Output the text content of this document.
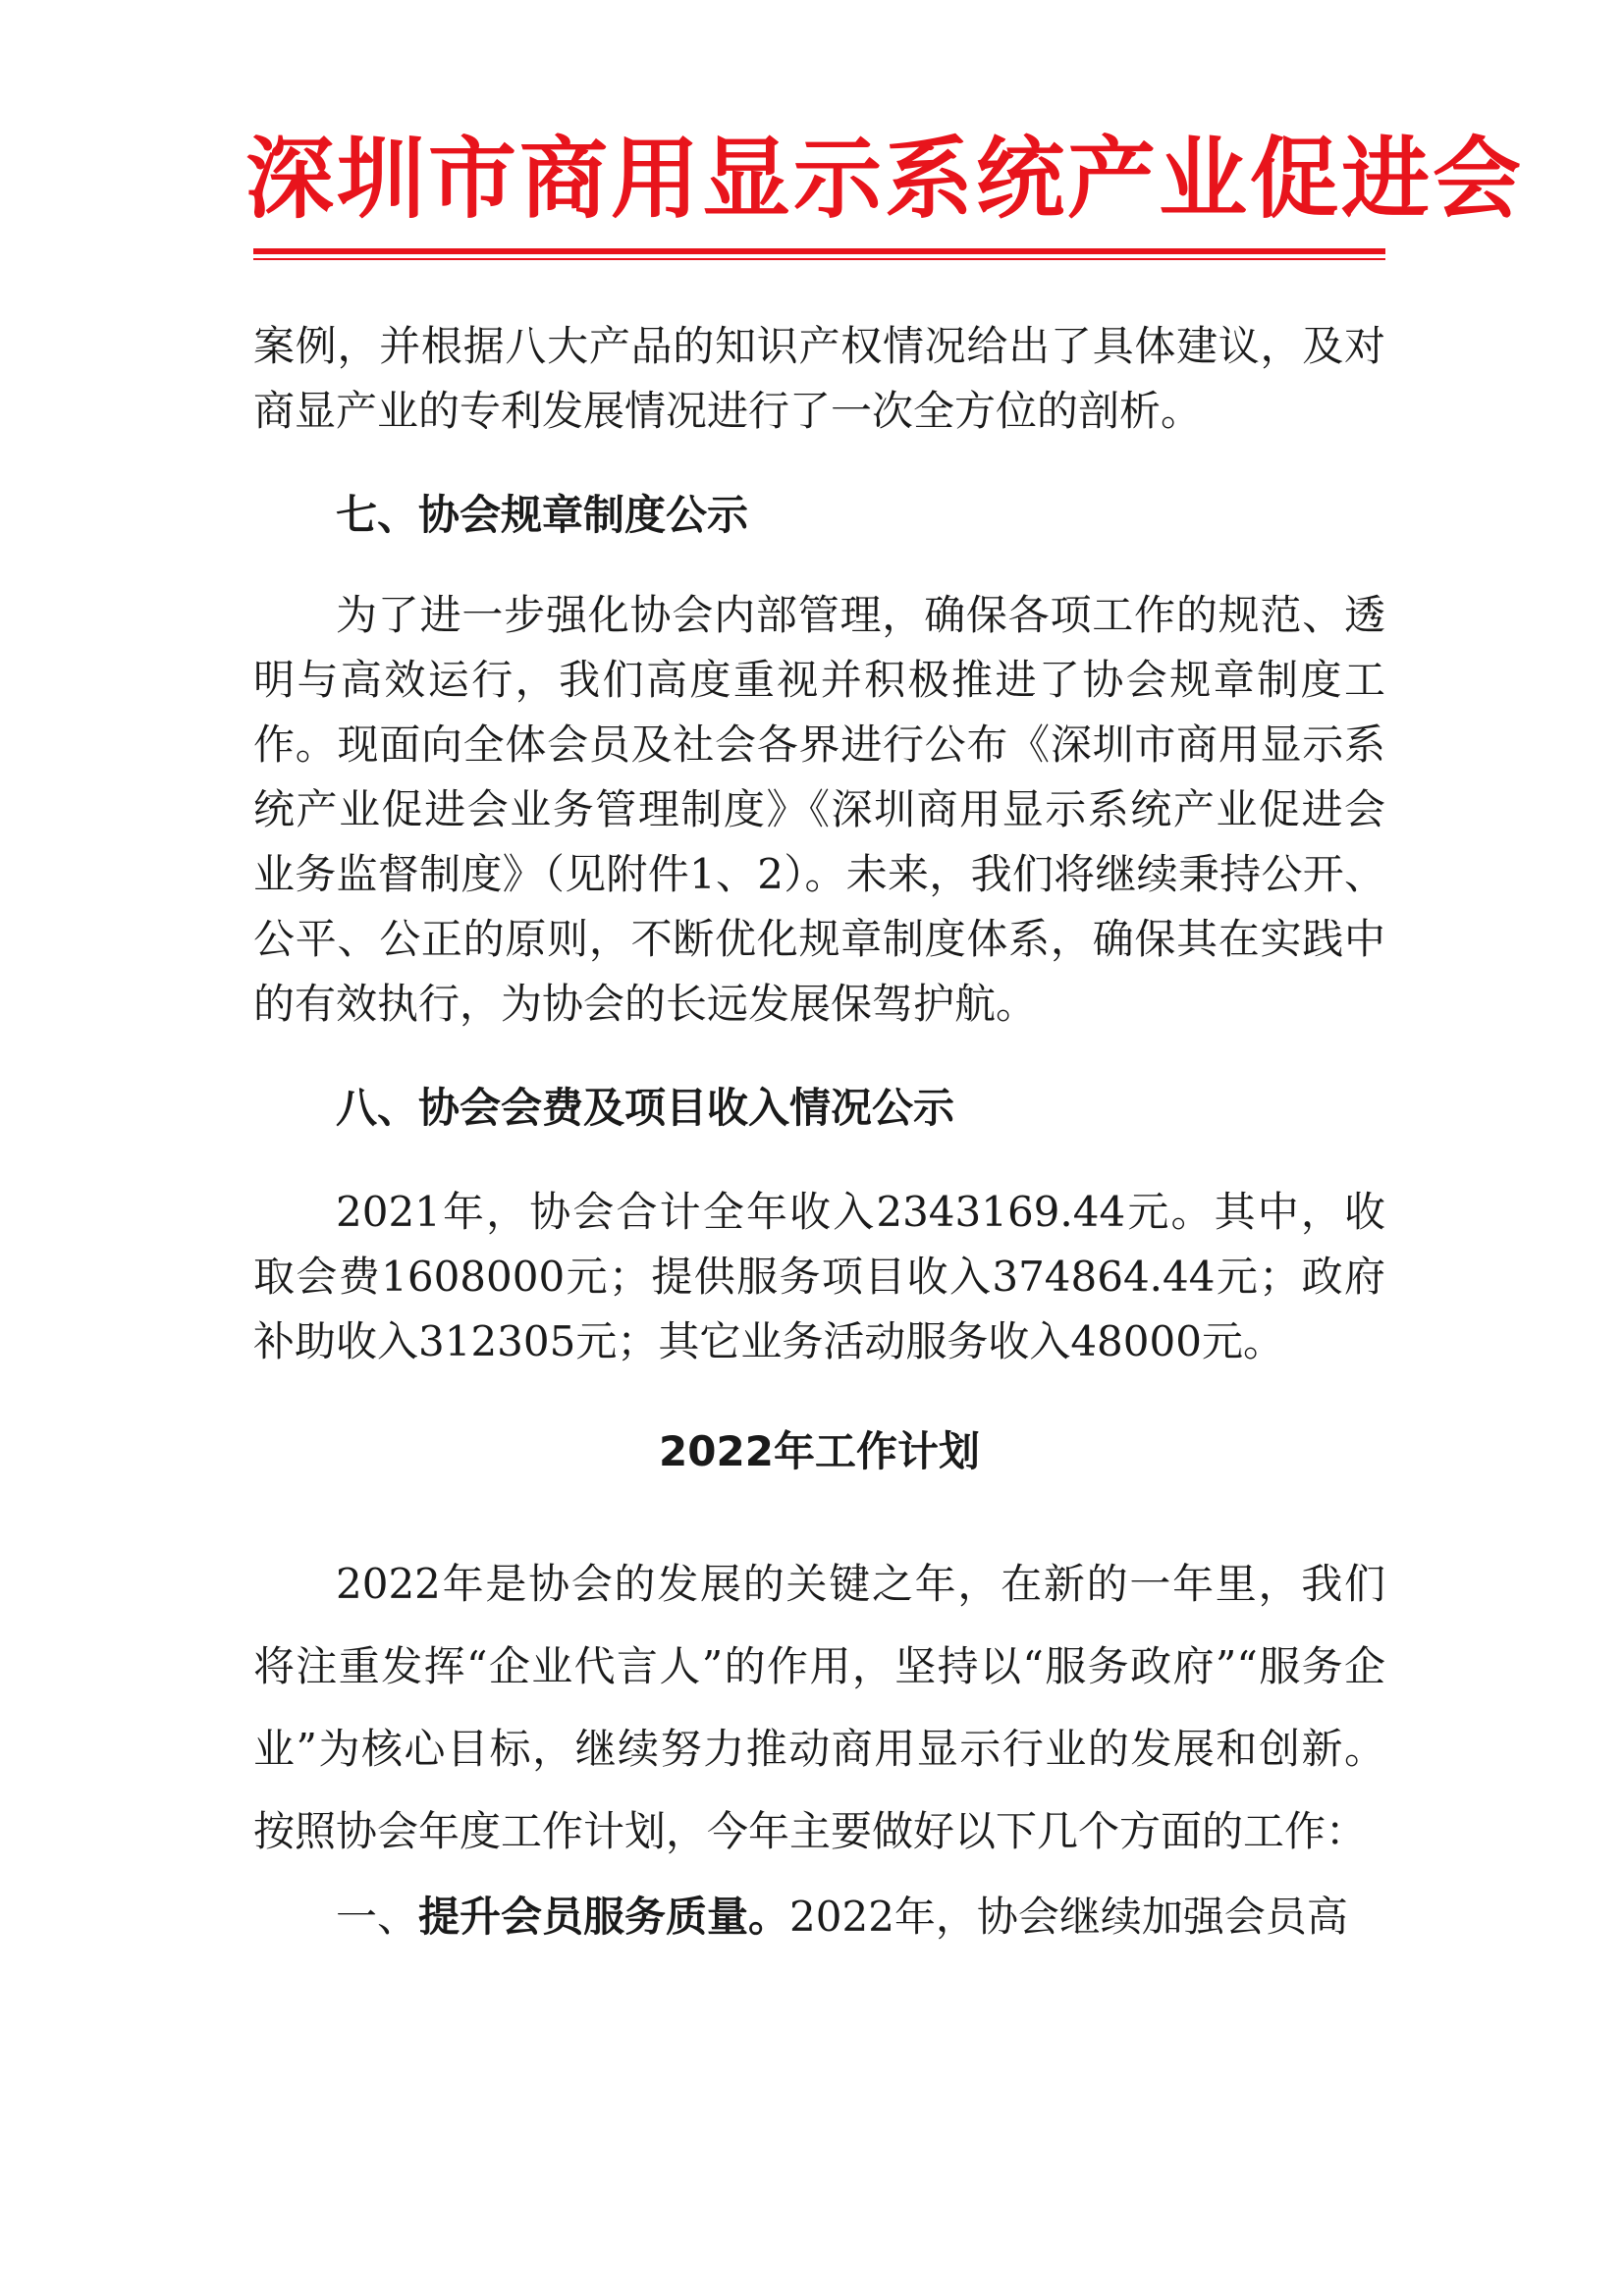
深圳市商用显示系统产业促进会

案例，并根据八大产品的知识产权情况给出了具体建议，及对商显产业的专利发展情况进行了一次全方位的剖析。

七、协会规章制度公示

为了进一步强化协会内部管理，确保各项工作的规范、透明与高效运行，我们高度重视并积极推进了协会规章制度工作。现面向全体会员及社会各界进行公布《深圳市商用显示系统产业促进会业务管理制度》《深圳商用显示系统产业促进会业务监督制度》（见附件1、2）。未来，我们将继续秉持公开、公平、公正的原则，不断优化规章制度体系，确保其在实践中的有效执行，为协会的长远发展保驾护航。

八、协会会费及项目收入情况公示

2021年，协会合计全年收入2343169.44元。其中，收取会费1608000元；提供服务项目收入374864.44元；政府补助收入312305元；其它业务活动服务收入48000元。

2022年工作计划

2022年是协会的发展的关键之年，在新的一年里，我们将注重发挥“企业代言人”的作用，坚持以“服务政府”“服务企业”为核心目标，继续努力推动商用显示行业的发展和创新。按照协会年度工作计划，今年主要做好以下几个方面的工作：

一、提升会员服务质量。2022年，协会继续加强会员高
